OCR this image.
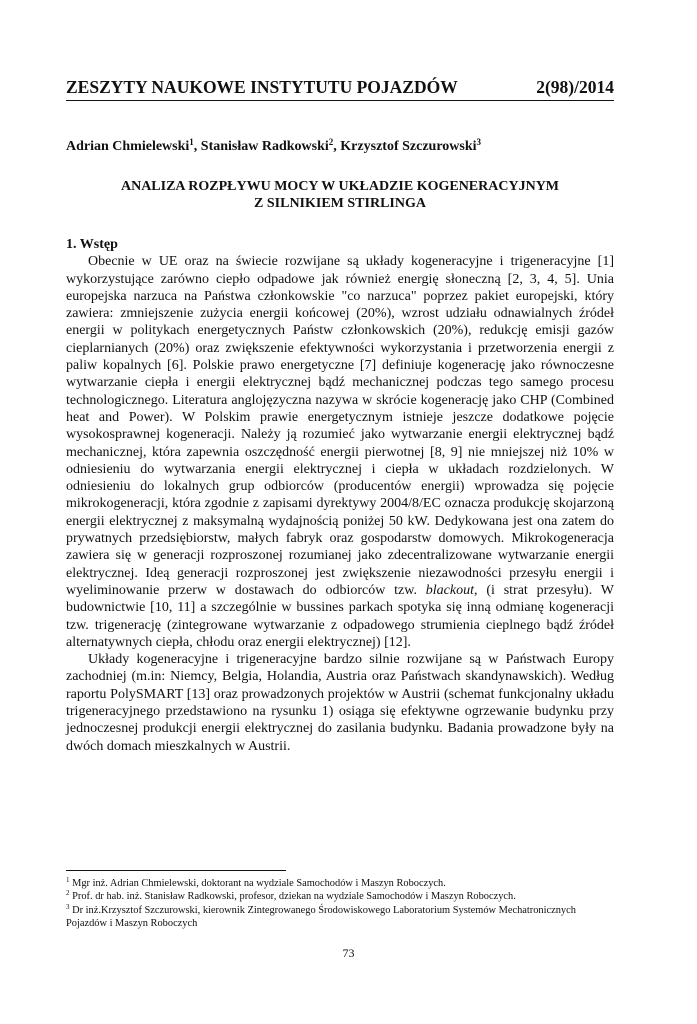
ZESZYTY NAUKOWE INSTYTUTU POJAZDÓW	2(98)/2014
Adrian Chmielewski$^1$, Stanisław Radkowski$^2$, Krzysztof Szczurowski$^3$
ANALIZA ROZPŁYWU MOCY W UKŁADZIE KOGENERACYJNYM
Z SILNIKIEM STIRLINGA
1. Wstęp

Obecnie w UE oraz na świecie rozwijane są układy kogeneracyjne i trigeneracyjne [1] wykorzystujące zarówno ciepło odpadowe jak również energię słoneczną [2, 3, 4, 5]. Unia europejska narzuca na Państwa członkowskie "co narzuca" poprzez pakiet europejski, który zawiera: zmniejszenie zużycia energii końcowej (20%), wzrost udziału odnawialnych źródeł energii w politykach energetycznych Państw członkowskich (20%), redukcję emisji gazów cieplarnianych (20%) oraz zwiększenie efektywności wykorzystania i przetworzenia energii z paliw kopalnych [6]. Polskie prawo energetyczne [7] definiuje kogenerację jako równoczesne wytwarzanie ciepła i energii elektrycznej bądź mechanicznej podczas tego samego procesu technologicznego. Literatura anglojęzyczna nazywa w skrócie kogenerację jako CHP (Combined heat and Power). W Polskim prawie energetycznym istnieje jeszcze dodatkowe pojęcie wysokosprawnej kogeneracji. Należy ją rozumieć jako wytwarzanie energii elektrycznej bądź mechanicznej, która zapewnia oszczędność energii pierwotnej [8, 9] nie mniejszej niż 10% w odniesieniu do wytwarzania energii elektrycznej i ciepła w układach rozdzielonych. W odniesieniu do lokalnych grup odbiorców (producentów energii) wprowadza się pojęcie mikrokogeneracji, która zgodnie z zapisami dyrektywy 2004/8/EC oznacza produkcję skojarzoną energii elektrycznej z maksymalną wydajnością poniżej 50 kW. Dedykowana jest ona zatem do prywatnych przedsiębiorstw, małych fabryk oraz gospodarstw domowych. Mikrokogeneracja zawiera się w generacji rozproszonej rozumianej jako zdecentralizowane wytwarzanie energii elektrycznej. Ideą generacji rozproszonej jest zwiększenie niezawodności przesyłu energii i wyeliminowanie przerw w dostawach do odbiorców tzw. blackout, (i strat przesyłu). W budownictwie [10, 11] a szczególnie w bussines parkach spotyka się inną odmianę kogeneracji tzw. trigenerację (zintegrowane wytwarzanie z odpadowego strumienia cieplnego bądź źródeł alternatywnych ciepła, chłodu oraz energii elektrycznej) [12].

Układy kogeneracyjne i trigeneracyjne bardzo silnie rozwijane są w Państwach Europy zachodniej (m.in: Niemcy, Belgia, Holandia, Austria oraz Państwach skandynawskich). Według raportu PolySMART [13] oraz prowadzonych projektów w Austrii (schemat funkcjonalny układu trigeneracyjnego przedstawiono na rysunku 1) osiąga się efektywne ogrzewanie budynku przy jednoczesnej produkcji energii elektrycznej do zasilania budynku. Badania prowadzone były na dwóch domach mieszkalnych w Austrii.

$^1$ Mgr inż. Adrian Chmielewski, doktorant na wydziale Samochodów i Maszyn Roboczych.
$^2$ Prof. dr hab. inż. Stanisław Radkowski, profesor, dziekan na wydziale Samochodów i Maszyn Roboczych.
$^3$ Dr inż.Krzysztof Szczurowski, kierownik Zintegrowanego Środowiskowego Laboratorium Systemów Mechatronicznych Pojazdów i Maszyn Roboczych
73
